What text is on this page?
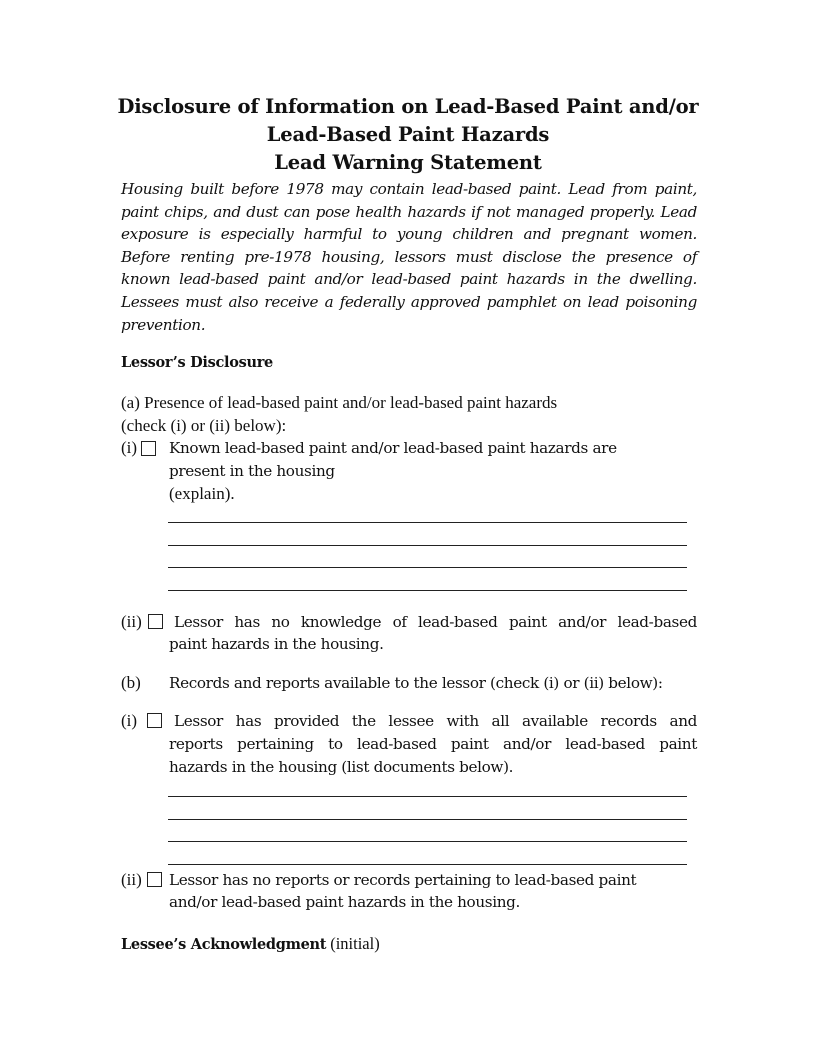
Disclosure of Information on Lead-Based Paint and/or
Lead-Based Paint Hazards
Lead Warning Statement
Housing built before 1978 may contain lead-based paint. Lead from paint, paint chips, and dust can pose health hazards if not managed properly. Lead exposure is especially harmful to young children and pregnant women. Before renting pre-1978 housing, lessors must disclose the presence of known lead-based paint and/or lead-based paint hazards in the dwelling. Lessees must also receive a federally approved pamphlet on lead poisoning prevention.
Lessor’s Disclosure
(a) Presence of lead-based paint and/or lead-based paint hazards
(check (i) or (ii) below):
(i) Known lead-based paint and/or lead-based paint hazards are
present in the housing
(explain).
(ii) Lessor has no knowledge of lead-based paint and/or lead-based
paint hazards in the housing.
(b) Records and reports available to the lessor (check (i) or (ii) below):
(i) Lessor has provided the lessee with all available records and
reports pertaining to lead-based paint and/or lead-based paint
hazards in the housing (list documents below).
(ii) Lessor has no reports or records pertaining to lead-based paint
and/or lead-based paint hazards in the housing.
Lessee’s Acknowledgment (initial)
